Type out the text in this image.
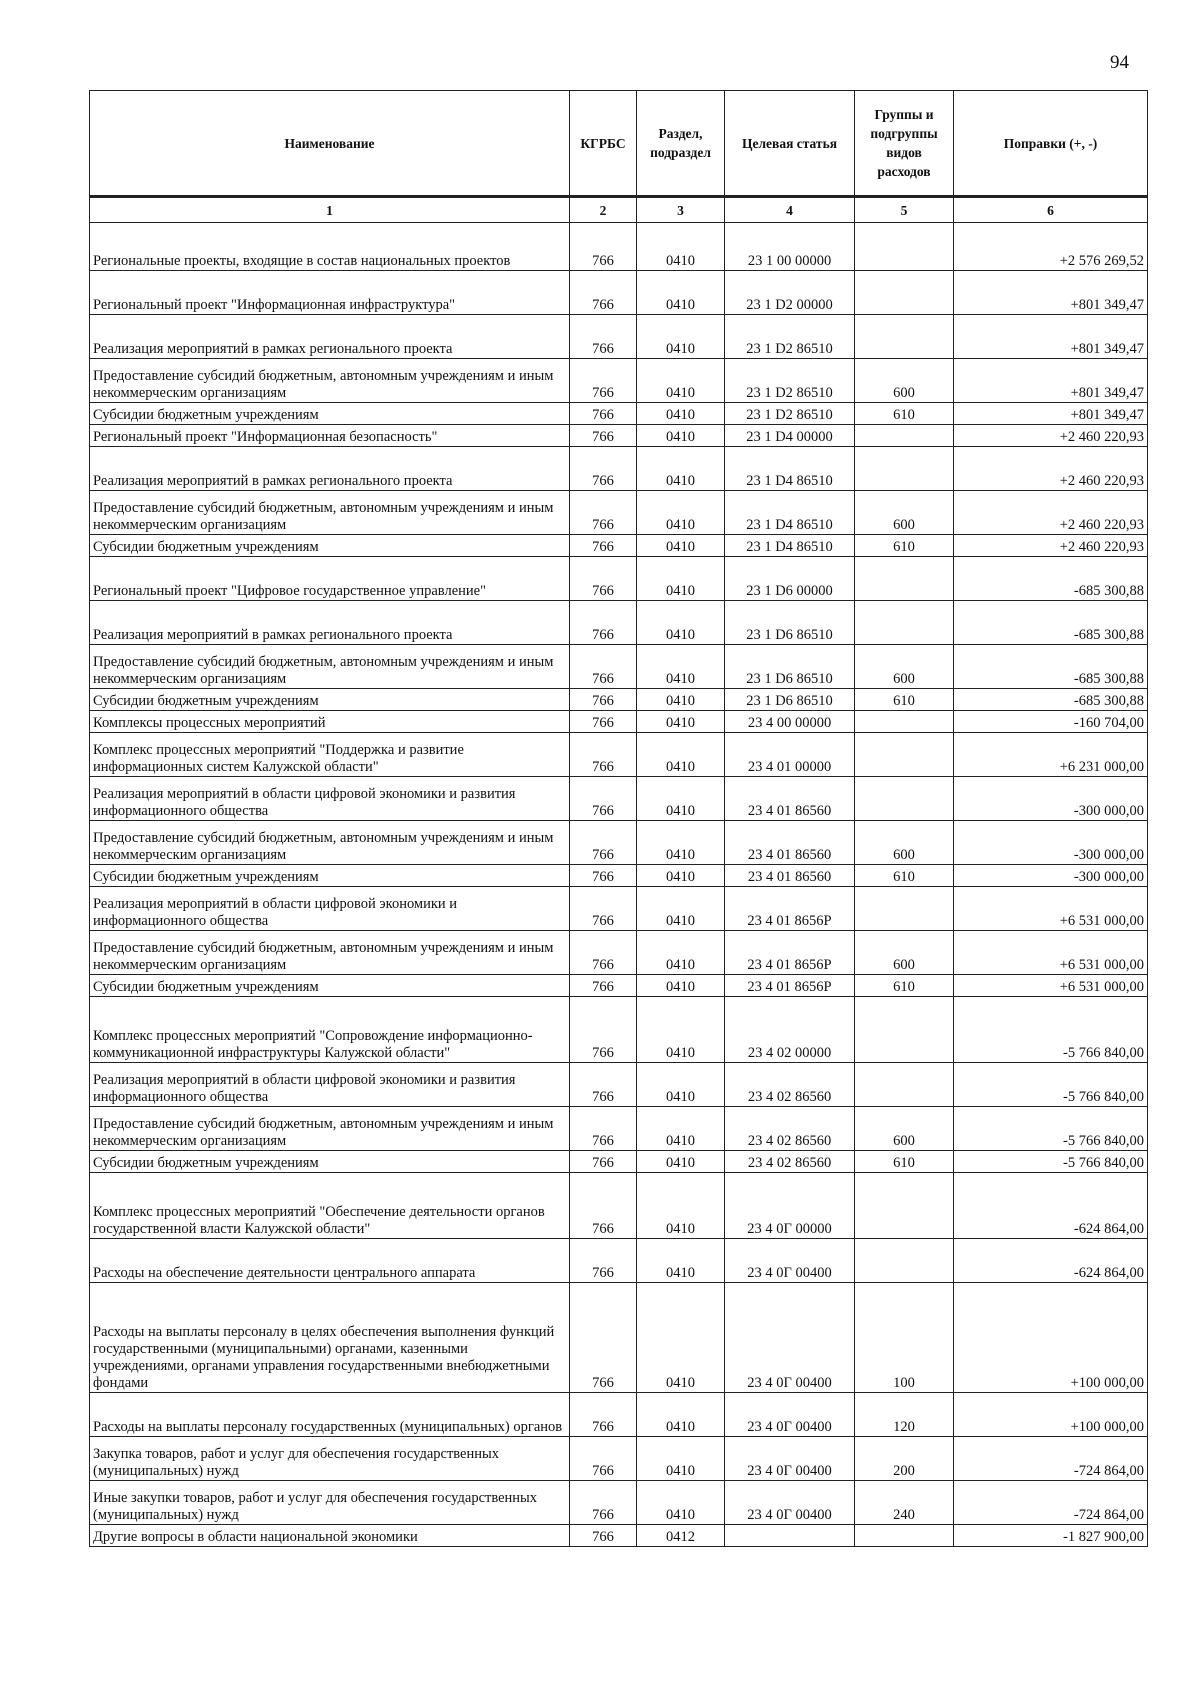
94
Наименование	КГРБС	Раздел, подраздел	Целевая статья	Группы и подгруппы видов расходов	Поправки (+, -)
1	2	3	4	5	6
Региональные проекты, входящие в состав национальных проектов	766	0410	23 1 00 00000		+2 576 269,52
Региональный проект "Информационная инфраструктура"	766	0410	23 1 D2 00000		+801 349,47
Реализация мероприятий в рамках регионального проекта	766	0410	23 1 D2 86510		+801 349,47
Предоставление субсидий бюджетным, автономным учреждениям и иным некоммерческим организациям	766	0410	23 1 D2 86510	600	+801 349,47
Субсидии бюджетным учреждениям	766	0410	23 1 D2 86510	610	+801 349,47
Региональный проект "Информационная безопасность"	766	0410	23 1 D4 00000		+2 460 220,93
Реализация мероприятий в рамках регионального проекта	766	0410	23 1 D4 86510		+2 460 220,93
Предоставление субсидий бюджетным, автономным учреждениям и иным некоммерческим организациям	766	0410	23 1 D4 86510	600	+2 460 220,93
Субсидии бюджетным учреждениям	766	0410	23 1 D4 86510	610	+2 460 220,93
Региональный проект "Цифровое государственное управление"	766	0410	23 1 D6 00000		-685 300,88
Реализация мероприятий в рамках регионального проекта	766	0410	23 1 D6 86510		-685 300,88
Предоставление субсидий бюджетным, автономным учреждениям и иным некоммерческим организациям	766	0410	23 1 D6 86510	600	-685 300,88
Субсидии бюджетным учреждениям	766	0410	23 1 D6 86510	610	-685 300,88
Комплексы процессных мероприятий	766	0410	23 4 00 00000		-160 704,00
Комплекс процессных мероприятий "Поддержка и развитие информационных систем Калужской области"	766	0410	23 4 01 00000		+6 231 000,00
Реализация мероприятий в области цифровой экономики и развития информационного общества	766	0410	23 4 01 86560		-300 000,00
Предоставление субсидий бюджетным, автономным учреждениям и иным некоммерческим организациям	766	0410	23 4 01 86560	600	-300 000,00
Субсидии бюджетным учреждениям	766	0410	23 4 01 86560	610	-300 000,00
Реализация мероприятий в области цифровой экономики и информационного общества	766	0410	23 4 01 8656P		+6 531 000,00
Предоставление субсидий бюджетным, автономным учреждениям и иным некоммерческим организациям	766	0410	23 4 01 8656P	600	+6 531 000,00
Субсидии бюджетным учреждениям	766	0410	23 4 01 8656P	610	+6 531 000,00
Комплекс процессных мероприятий "Сопровождение информационно-коммуникационной инфраструктуры Калужской области"	766	0410	23 4 02 00000		-5 766 840,00
Реализация мероприятий в области цифровой экономики и развития информационного общества	766	0410	23 4 02 86560		-5 766 840,00
Предоставление субсидий бюджетным, автономным учреждениям и иным некоммерческим организациям	766	0410	23 4 02 86560	600	-5 766 840,00
Субсидии бюджетным учреждениям	766	0410	23 4 02 86560	610	-5 766 840,00
Комплекс процессных мероприятий "Обеспечение деятельности органов государственной власти Калужской области"	766	0410	23 4 0Г 00000		-624 864,00
Расходы на обеспечение деятельности центрального аппарата	766	0410	23 4 0Г 00400		-624 864,00
Расходы на выплаты персоналу в целях обеспечения выполнения функций государственными (муниципальными) органами, казенными учреждениями, органами управления государственными внебюджетными фондами	766	0410	23 4 0Г 00400	100	+100 000,00
Расходы на выплаты персоналу государственных (муниципальных) органов	766	0410	23 4 0Г 00400	120	+100 000,00
Закупка товаров, работ и услуг для обеспечения государственных (муниципальных) нужд	766	0410	23 4 0Г 00400	200	-724 864,00
Иные закупки товаров, работ и услуг для обеспечения государственных (муниципальных) нужд	766	0410	23 4 0Г 00400	240	-724 864,00
Другие вопросы в области национальной экономики	766	0412			-1 827 900,00
